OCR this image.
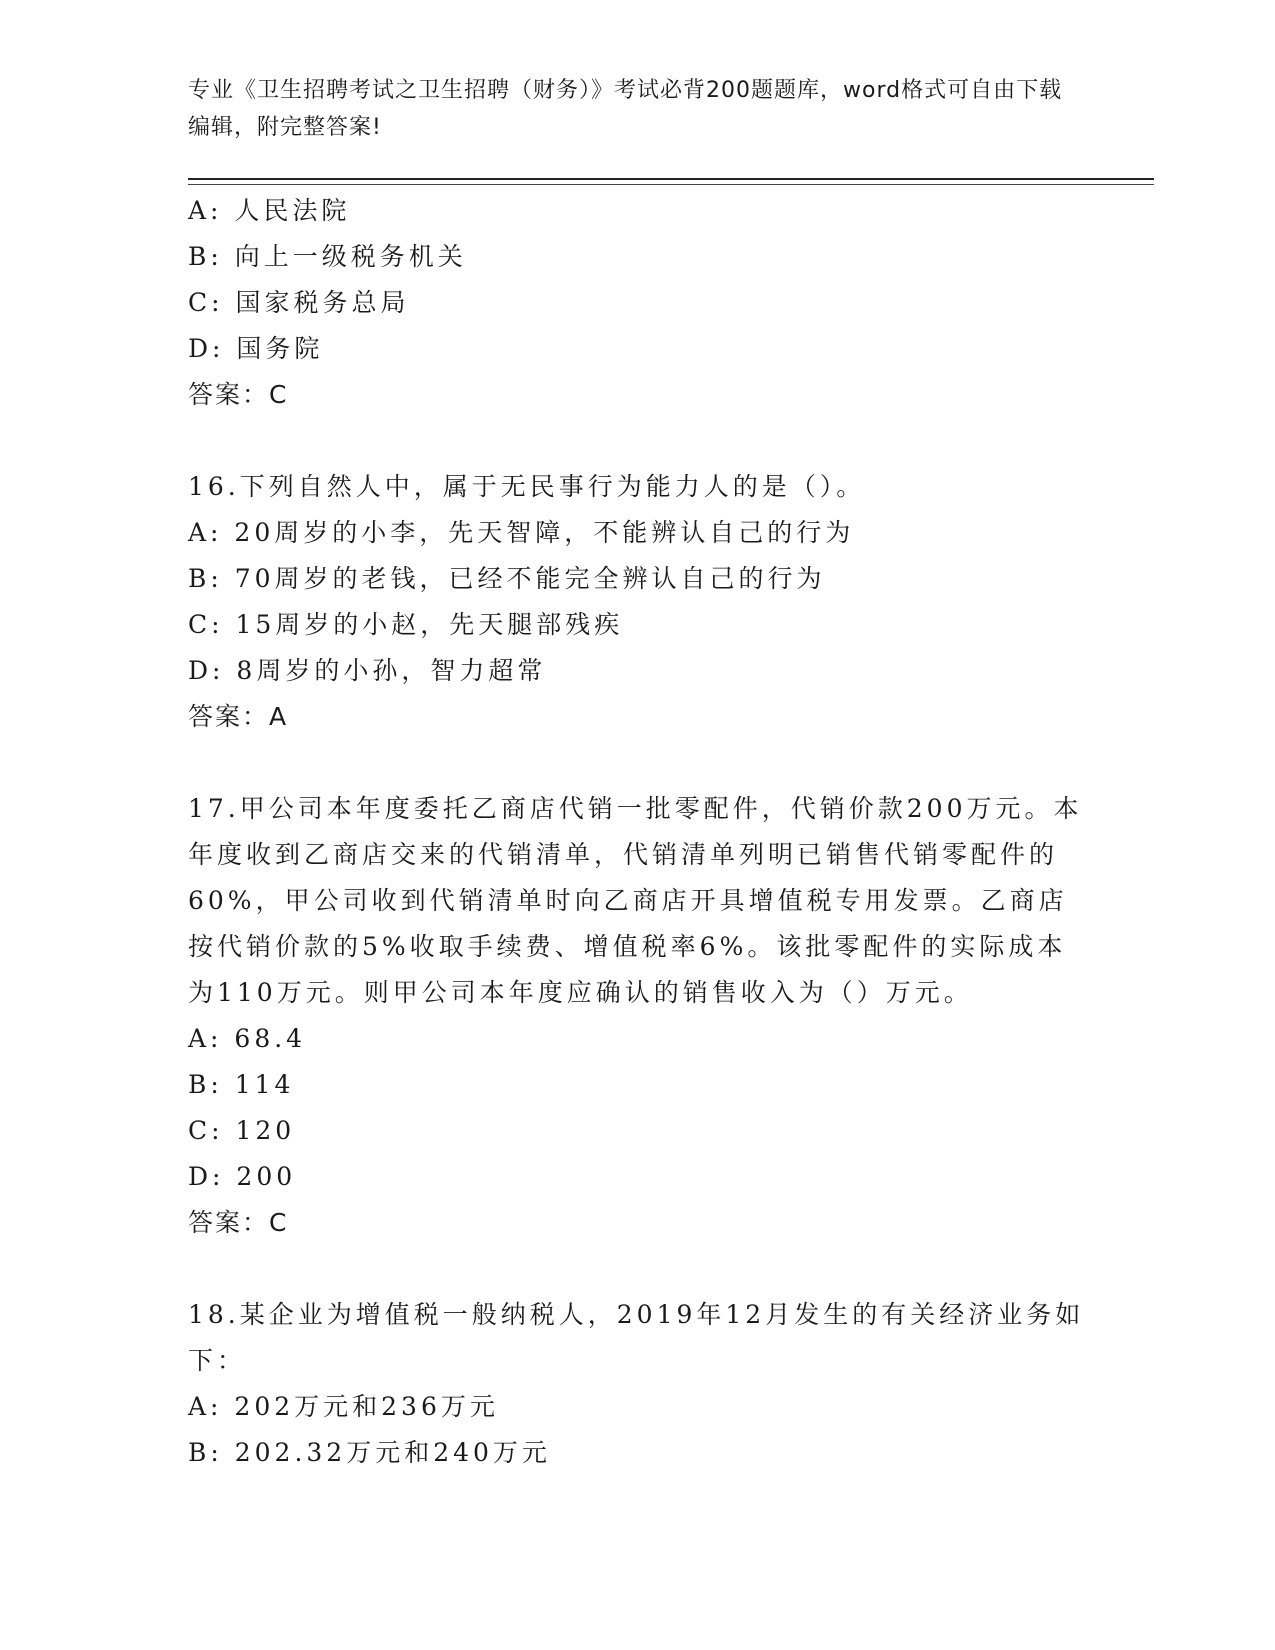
专业《卫生招聘考试之卫生招聘（财务）》考试必背200题题库，word格式可自由下载编辑，附完整答案!
A: 人民法院
B: 向上一级税务机关
C: 国家税务总局
D: 国务院
答案：C
16.下列自然人中，属于无民事行为能力人的是（）。
A: 20周岁的小李，先天智障，不能辨认自己的行为
B: 70周岁的老钱，已经不能完全辨认自己的行为
C: 15周岁的小赵，先天腿部残疾
D: 8周岁的小孙，智力超常
答案：A
17.甲公司本年度委托乙商店代销一批零配件，代销价款200万元。本年度收到乙商店交来的代销清单，代销清单列明已销售代销零配件的60%，甲公司收到代销清单时向乙商店开具增值税专用发票。乙商店按代销价款的5%收取手续费、增值税率6%。该批零配件的实际成本为110万元。则甲公司本年度应确认的销售收入为（）万元。
A: 68.4
B: 114
C: 120
D: 200
答案：C
18.某企业为增值税一般纳税人，2019年12月发生的有关经济业务如下：
A: 202万元和236万元
B: 202.32万元和240万元
